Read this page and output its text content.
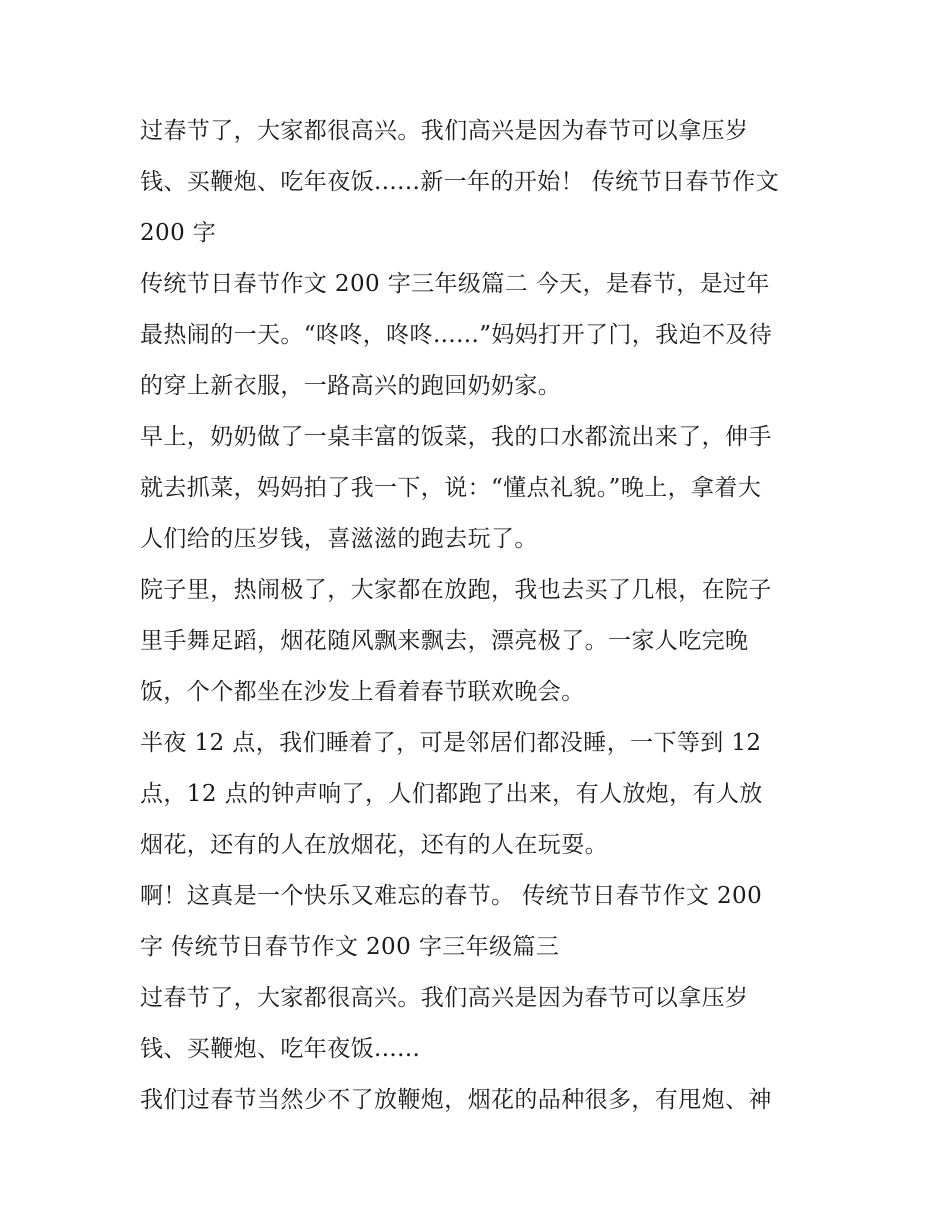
过春节了，大家都很高兴。我们高兴是因为春节可以拿压岁
钱、买鞭炮、吃年夜饭......新一年的开始！ 传统节日春节作文
200 字
传统节日春节作文 200 字三年级篇二 今天，是春节，是过年
最热闹的一天。“咚咚，咚咚......”妈妈打开了门，我迫不及待
的穿上新衣服，一路高兴的跑回奶奶家。
早上，奶奶做了一桌丰富的饭菜，我的口水都流出来了，伸手
就去抓菜，妈妈拍了我一下，说：“懂点礼貌。”晚上，拿着大
人们给的压岁钱，喜滋滋的跑去玩了。
院子里，热闹极了，大家都在放跑，我也去买了几根，在院子
里手舞足蹈，烟花随风飘来飘去，漂亮极了。一家人吃完晚
饭，个个都坐在沙发上看着春节联欢晚会。
半夜 12 点，我们睡着了，可是邻居们都没睡，一下等到 12
点，12 点的钟声响了，人们都跑了出来，有人放炮，有人放
烟花，还有的人在放烟花，还有的人在玩耍。
啊！这真是一个快乐又难忘的春节。 传统节日春节作文 200
字 传统节日春节作文 200 字三年级篇三
过春节了，大家都很高兴。我们高兴是因为春节可以拿压岁
钱、买鞭炮、吃年夜饭......
我们过春节当然少不了放鞭炮，烟花的品种很多，有甩炮、神
